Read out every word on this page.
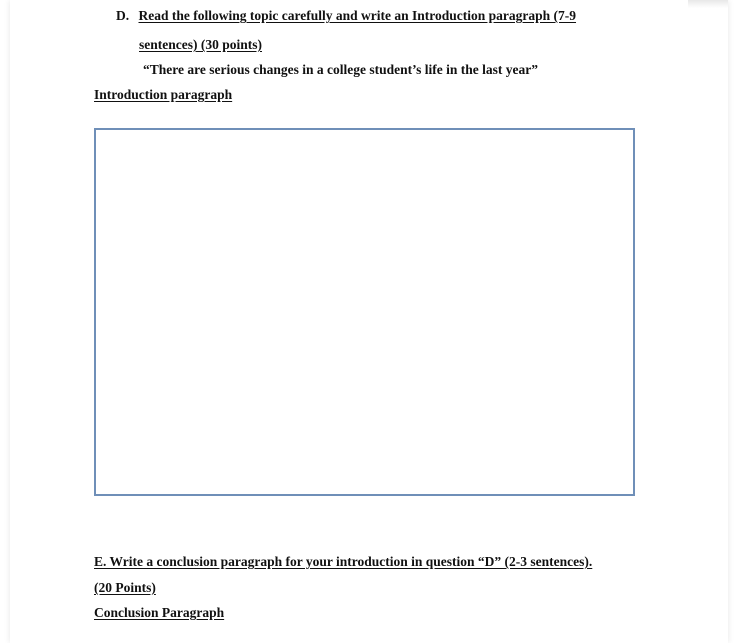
D. Read the following topic carefully and write an Introduction paragraph (7-9
sentences) (30 points)
“There are serious changes in a college student’s life in the last year”
Introduction paragraph
E. Write a conclusion paragraph for your introduction in question “D” (2-3 sentences).
(20 Points)
Conclusion Paragraph
